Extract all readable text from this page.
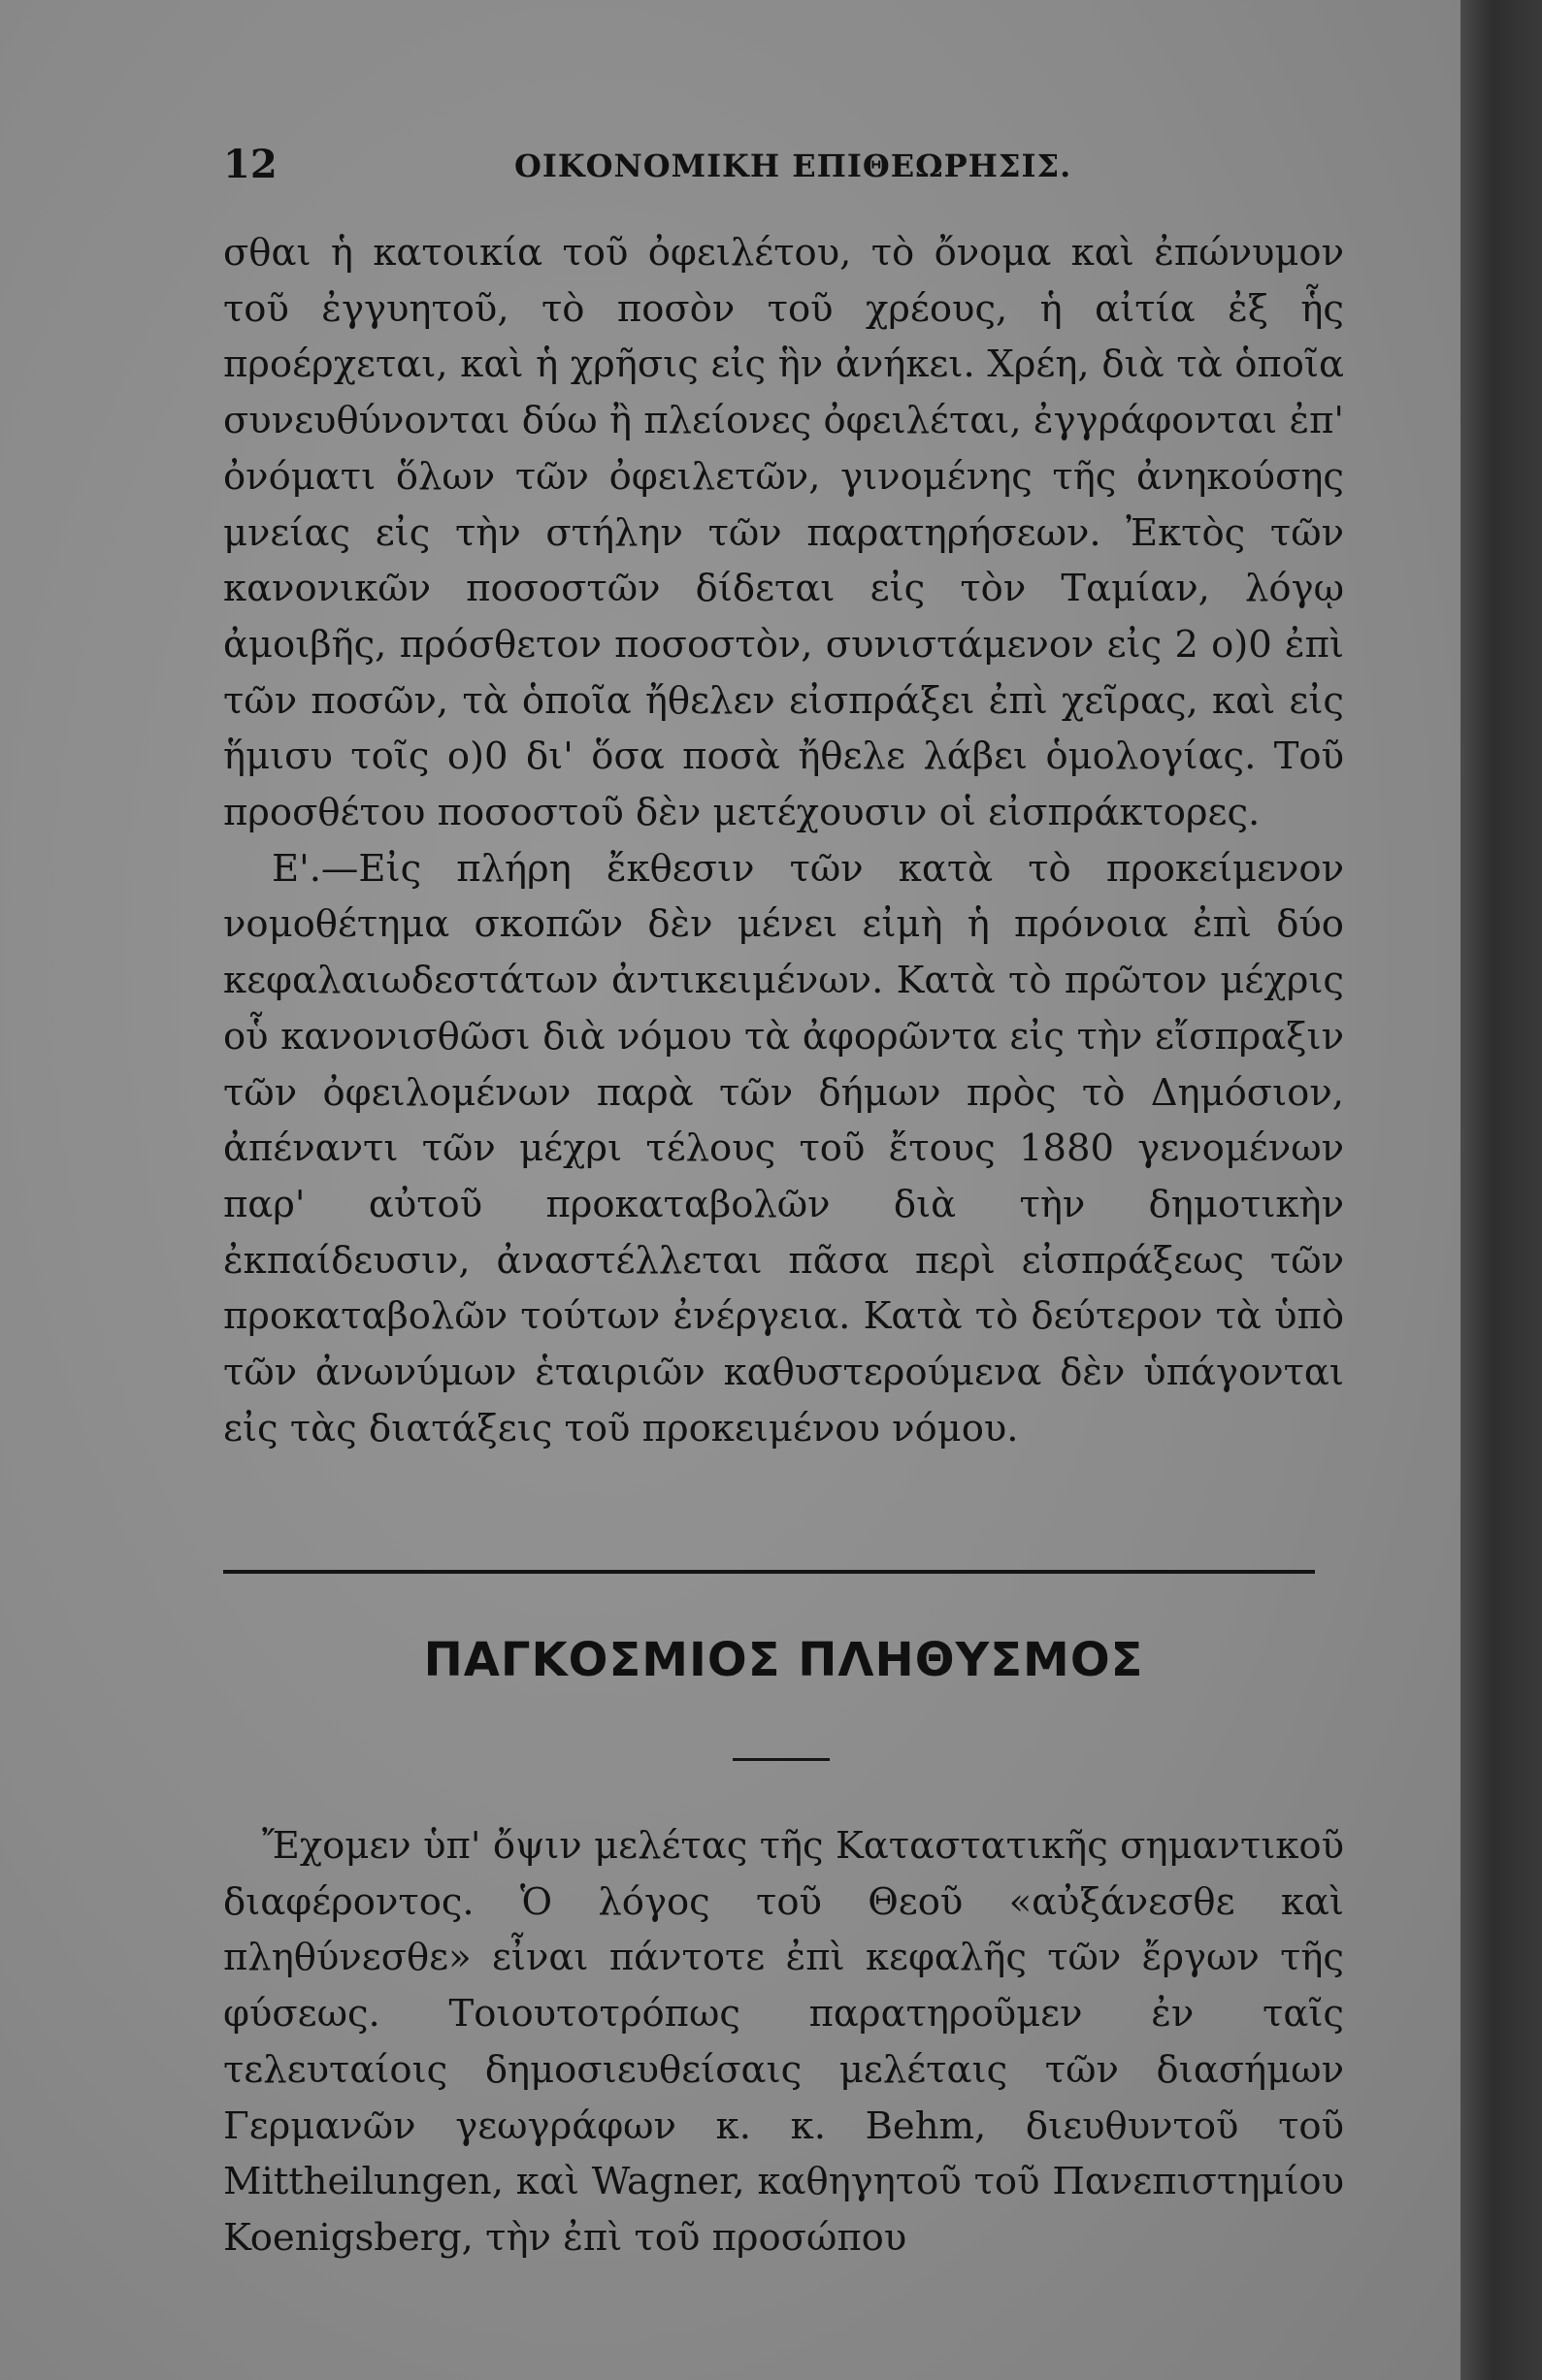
12	ΟΙΚΟΝΟΜΙΚΗ ΕΠΙΘΕΩΡΗΣΙΣ.

σθαι ἡ κατοικία τοῦ ὀφειλέτου, τὸ ὄνομα καὶ ἐπώνυμον τοῦ ἐγγυητοῦ, τὸ ποσὸν τοῦ χρέους, ἡ αἰτία ἐξ ἧς προέρχεται, καὶ ἡ χρῆσις εἰς ἣν ἀνήκει. Χρέη, διὰ τὰ ὁποῖα συνευθύνονται δύω ἢ πλείονες ὀφειλέται, ἐγγράφονται ἐπ' ὀνόματι ὅλων τῶν ὀφειλετῶν, γινομένης τῆς ἀνηκούσης μνείας εἰς τὴν στήλην τῶν παρατηρήσεων. Ἐκτὸς τῶν κανονικῶν ποσοστῶν δίδεται εἰς τὸν Ταμίαν, λόγῳ ἀμοιβῆς, πρόσθετον ποσοστὸν, συνιστάμενον εἰς 2 ο)0 ἐπὶ τῶν ποσῶν, τὰ ὁποῖα ἤθελεν εἰσπράξει ἐπὶ χεῖρας, καὶ εἰς ἥμισυ τοῖς ο)0 δι' ὅσα ποσὰ ἤθελε λάβει ὁμολογίας. Τοῦ προσθέτου ποσοστοῦ δὲν μετέχουσιν οἱ εἰσπράκτορες.

Ε'.—Εἰς πλήρη ἔκθεσιν τῶν κατὰ τὸ προκείμενον νομοθέτημα σκοπῶν δὲν μένει εἰμὴ ἡ πρόνοια ἐπὶ δύο κεφαλαιωδεστάτων ἀντικειμένων. Κατὰ τὸ πρῶτον μέχρις οὗ κανονισθῶσι διὰ νόμου τὰ ἀφορῶντα εἰς τὴν εἴσπραξιν τῶν ὀφειλομένων παρὰ τῶν δήμων πρὸς τὸ Δημόσιον, ἀπέναντι τῶν μέχρι τέλους τοῦ ἔτους 1880 γενομένων παρ' αὐτοῦ προκαταβολῶν διὰ τὴν δημοτικὴν ἐκπαίδευσιν, ἀναστέλλεται πᾶσα περὶ εἰσπράξεως τῶν προκαταβολῶν τούτων ἐνέργεια. Κατὰ τὸ δεύτερον τὰ ὑπὸ τῶν ἀνωνύμων ἑταιριῶν καθυστερούμενα δὲν ὑπάγονται εἰς τὰς διατάξεις τοῦ προκειμένου νόμου.

ΠΑΓΚΟΣΜΙΟΣ ΠΛΗΘΥΣΜΟΣ
Ἔχομεν ὑπ' ὄψιν μελέτας τῆς Καταστατικῆς σημαντικοῦ διαφέροντος. Ὁ λόγος τοῦ Θεοῦ «αὐξάνεσθε καὶ πληθύνεσθε» εἶναι πάντοτε ἐπὶ κεφαλῆς τῶν ἔργων τῆς φύσεως. Τοιουτοτρόπως παρατηροῦμεν ἐν ταῖς τελευταίοις δημοσιευθείσαις μελέταις τῶν διασήμων Γερμανῶν γεωγράφων κ. κ. Behm, διευθυντοῦ τοῦ Mittheilungen, καὶ Wagner, καθηγητοῦ τοῦ Πανεπιστημίου Koenigsberg, τὴν ἐπὶ τοῦ προσώπου
